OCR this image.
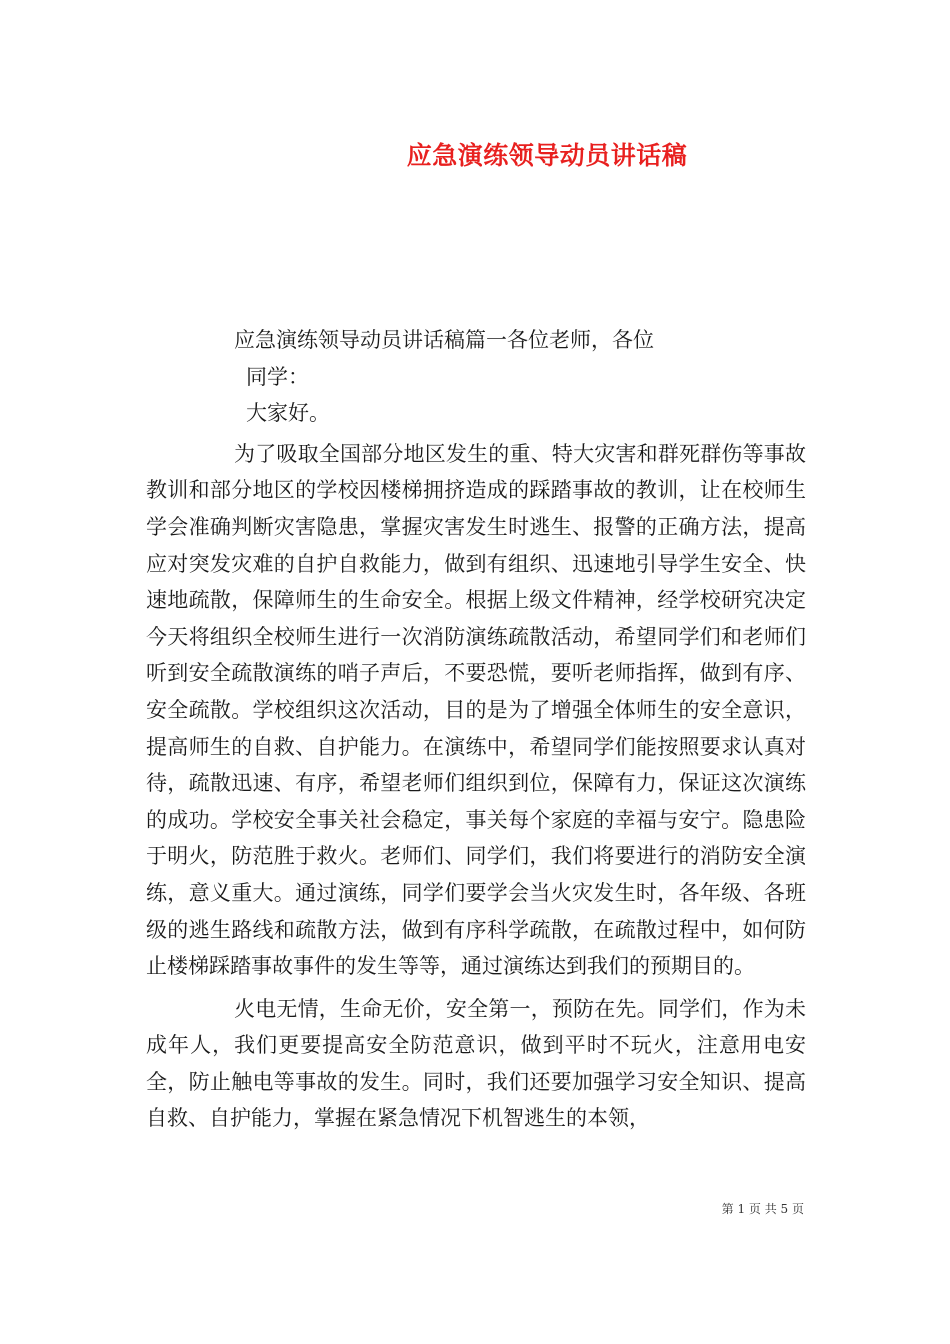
应急演练领导动员讲话稿

应急演练领导动员讲话稿篇一各位老师，各位

同学：

大家好。

为了吸取全国部分地区发生的重、特大灾害和群死群伤等事故教训和部分地区的学校因楼梯拥挤造成的踩踏事故的教训，让在校师生学会准确判断灾害隐患，掌握灾害发生时逃生、报警的正确方法，提高应对突发灾难的自护自救能力，做到有组织、迅速地引导学生安全、快速地疏散，保障师生的生命安全。根据上级文件精神，经学校研究决定今天将组织全校师生进行一次消防演练疏散活动，希望同学们和老师们听到安全疏散演练的哨子声后，不要恐慌，要听老师指挥，做到有序、安全疏散。学校组织这次活动，目的是为了增强全体师生的安全意识，提高师生的自救、自护能力。在演练中，希望同学们能按照要求认真对待，疏散迅速、有序，希望老师们组织到位，保障有力，保证这次演练的成功。学校安全事关社会稳定，事关每个家庭的幸福与安宁。隐患险于明火，防范胜于救火。老师们、同学们，我们将要进行的消防安全演练，意义重大。通过演练，同学们要学会当火灾发生时，各年级、各班级的逃生路线和疏散方法，做到有序科学疏散，在疏散过程中，如何防止楼梯踩踏事故事件的发生等等，通过演练达到我们的预期目的。

火电无情，生命无价，安全第一，预防在先。同学们，作为未成年人，我们更要提高安全防范意识，做到平时不玩火，注意用电安全，防止触电等事故的发生。同时，我们还要加强学习安全知识、提高自救、自护能力，掌握在紧急情况下机智逃生的本领，

第 1 页 共 5 页
